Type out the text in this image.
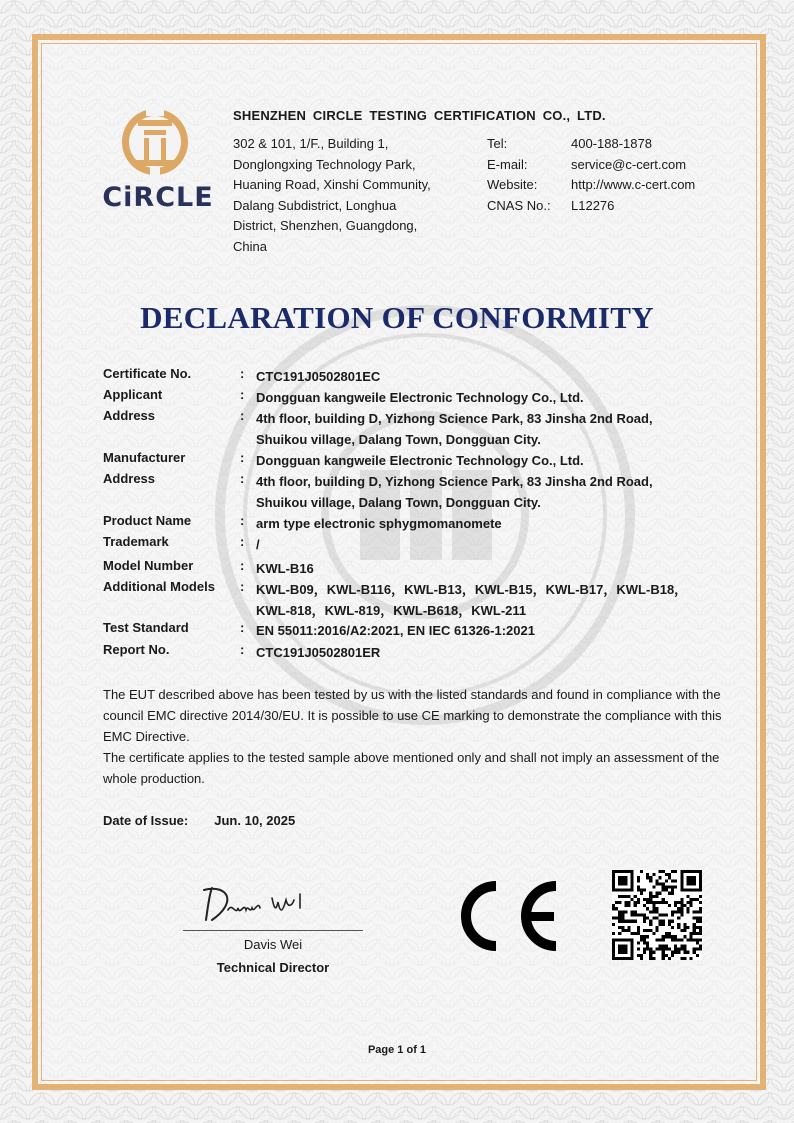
CiRCLE
SHENZHEN CIRCLE TESTING CERTIFICATION CO., LTD.
302 & 101, 1/F., Building 1,
Donglongxing Technology Park,
Huaning Road, Xinshi Community,
Dalang Subdistrict, Longhua
District, Shenzhen, Guangdong,
China
Tel:	400-188-1878
E-mail:	service@c-cert.com
Website:	http://www.c-cert.com
CNAS No.:	L12276
DECLARATION OF CONFORMITY
Certificate No.	: CTC191J0502801EC
Applicant	: Dongguan kangweile Electronic Technology Co., Ltd.
Address	: 4th floor, building D, Yizhong Science Park, 83 Jinsha 2nd Road,
Shuikou village, Dalang Town, Dongguan City.
Manufacturer	: Dongguan kangweile Electronic Technology Co., Ltd.
Address	: 4th floor, building D, Yizhong Science Park, 83 Jinsha 2nd Road,
Shuikou village, Dalang Town, Dongguan City.
Product Name	: arm type electronic sphygmomanomete
Trademark	: /
Model Number	: KWL-B16
Additional Models	: KWL-B09，KWL-B116，KWL-B13，KWL-B15，KWL-B17，KWL-B18，
KWL-818，KWL-819，KWL-B618，KWL-211
Test Standard	: EN 55011:2016/A2:2021, EN IEC 61326-1:2021
Report No.	: CTC191J0502801ER
The EUT described above has been tested by us with the listed standards and found in compliance with the council EMC directive 2014/30/EU. It is possible to use CE marking to demonstrate the compliance with this EMC Directive.
The certificate applies to the tested sample above mentioned only and shall not imply an assessment of the whole production.
Date of Issue: Jun. 10, 2025
Davis Wei
Technical Director
Page 1 of 1
